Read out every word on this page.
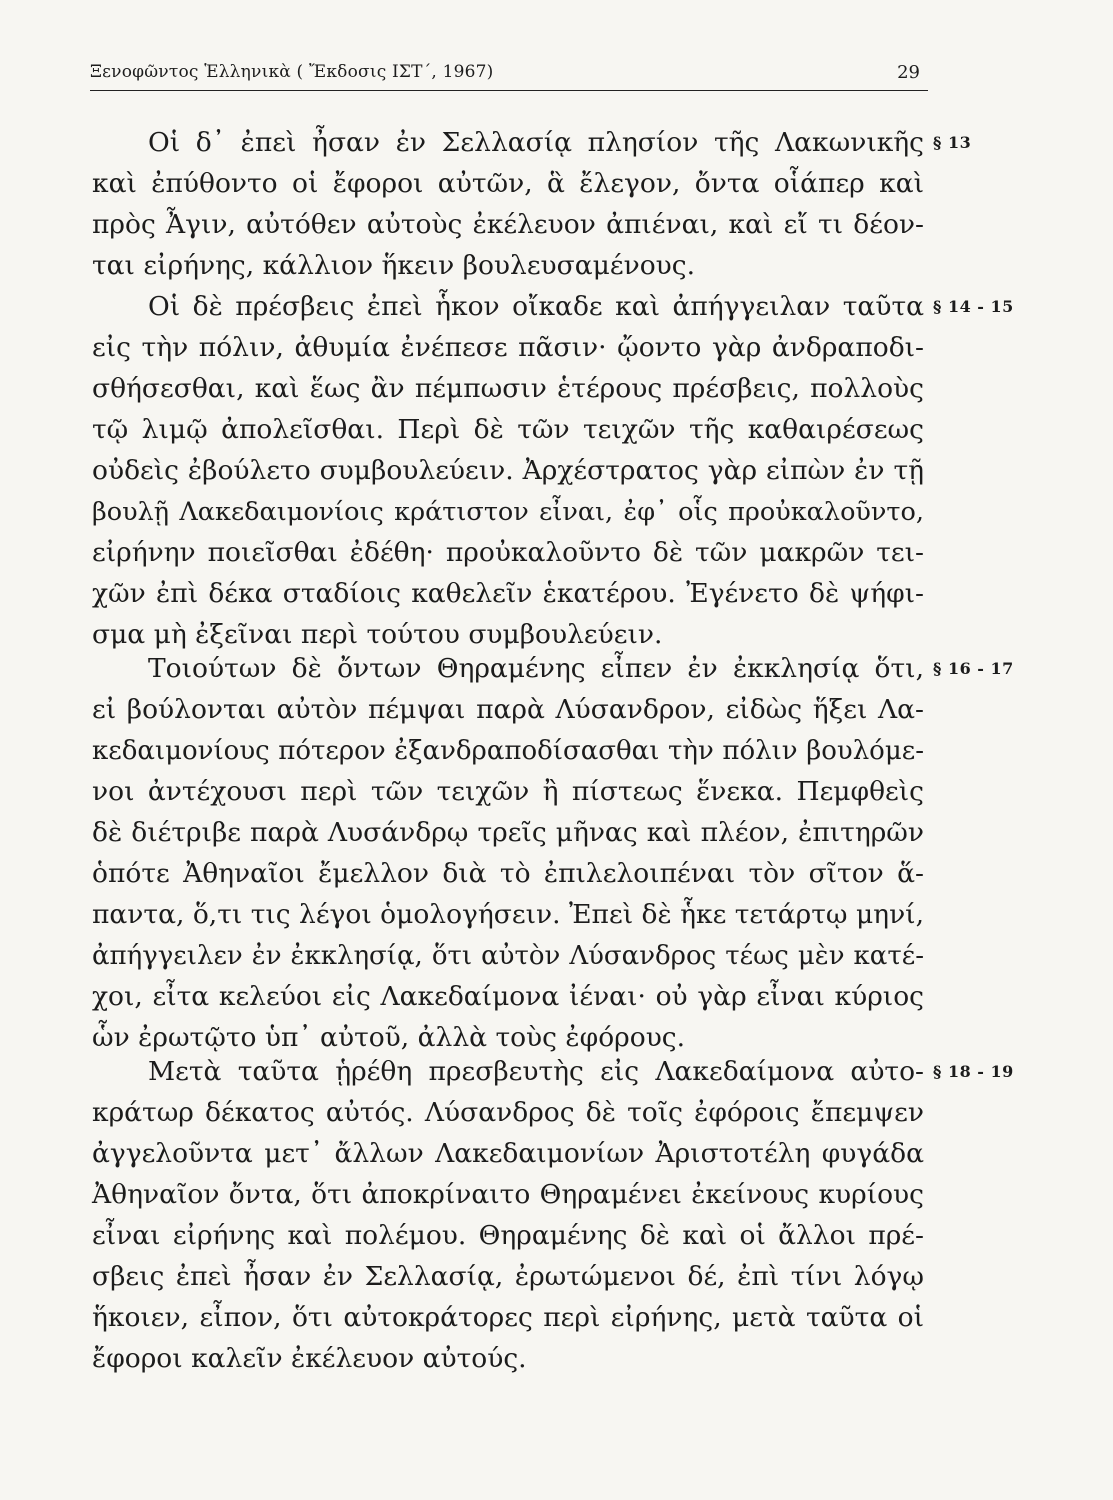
Ξενοφῶντος Ἑλληνικὰ ( Ἔκδοσις ΙΣΤ΄, 1967)	29
§ 13
Οἱ δ᾿ ἐπεὶ ἦσαν ἐν Σελλασίᾳ πλησίον τῆς Λακωνικῆς
καὶ ἐπύθοντο οἱ ἔφοροι αὐτῶν, ἃ ἔλεγον, ὄντα οἷάπερ καὶ
πρὸς Ἆγιν, αὐτόθεν αὐτοὺς ἐκέλευον ἀπιέναι, καὶ εἴ τι δέον-
ται εἰρήνης, κάλλιον ἥκειν βουλευσαμένους.
§ 14 - 15
Οἱ δὲ πρέσβεις ἐπεὶ ἧκον οἴκαδε καὶ ἀπήγγειλαν ταῦτα
εἰς τὴν πόλιν, ἀθυμία ἐνέπεσε πᾶσιν· ᾤοντο γὰρ ἀνδραποδι-
σθήσεσθαι, καὶ ἕως ἂν πέμπωσιν ἑτέρους πρέσβεις, πολλοὺς
τῷ λιμῷ ἀπολεῖσθαι. Περὶ δὲ τῶν τειχῶν τῆς καθαιρέσεως
οὐδεὶς ἐβούλετο συμβουλεύειν. Ἀρχέστρατος γὰρ εἰπὼν ἐν τῇ
βουλῇ Λακεδαιμονίοις κράτιστον εἶναι, ἐφ᾿ οἷς προὐκαλοῦντο,
εἰρήνην ποιεῖσθαι ἐδέθη· προὐκαλοῦντο δὲ τῶν μακρῶν τει-
χῶν ἐπὶ δέκα σταδίοις καθελεῖν ἑκατέρου. Ἐγένετο δὲ ψήφι-
σμα μὴ ἐξεῖναι περὶ τούτου συμβουλεύειν.
§ 16 - 17
Τοιούτων δὲ ὄντων Θηραμένης εἶπεν ἐν ἐκκλησίᾳ ὅτι,
εἰ βούλονται αὐτὸν πέμψαι παρὰ Λύσανδρον, εἰδὼς ἥξει Λα-
κεδαιμονίους πότερον ἐξανδραποδίσασθαι τὴν πόλιν βουλόμε-
νοι ἀντέχουσι περὶ τῶν τειχῶν ἢ πίστεως ἕνεκα. Πεμφθεὶς
δὲ διέτριβε παρὰ Λυσάνδρῳ τρεῖς μῆνας καὶ πλέον, ἐπιτηρῶν
ὁπότε Ἀθηναῖοι ἔμελλον διὰ τὸ ἐπιλελοιπέναι τὸν σῖτον ἅ-
παντα, ὅ,τι τις λέγοι ὁμολογήσειν. Ἐπεὶ δὲ ἧκε τετάρτῳ μηνί,
ἀπήγγειλεν ἐν ἐκκλησίᾳ, ὅτι αὐτὸν Λύσανδρος τέως μὲν κατέ-
χοι, εἶτα κελεύοι εἰς Λακεδαίμονα ἰέναι· οὐ γὰρ εἶναι κύριος
ὧν ἐρωτῷτο ὑπ᾿ αὐτοῦ, ἀλλὰ τοὺς ἐφόρους.
§ 18 - 19
Μετὰ ταῦτα ᾑρέθη πρεσβευτὴς εἰς Λακεδαίμονα αὐτο-
κράτωρ δέκατος αὐτός. Λύσανδρος δὲ τοῖς ἐφόροις ἔπεμψεν
ἀγγελοῦντα μετ᾿ ἄλλων Λακεδαιμονίων Ἀριστοτέλη φυγάδα
Ἀθηναῖον ὄντα, ὅτι ἀποκρίναιτο Θηραμένει ἐκείνους κυρίους
εἶναι εἰρήνης καὶ πολέμου. Θηραμένης δὲ καὶ οἱ ἄλλοι πρέ-
σβεις ἐπεὶ ἦσαν ἐν Σελλασίᾳ, ἐρωτώμενοι δέ, ἐπὶ τίνι λόγῳ
ἥκοιεν, εἶπον, ὅτι αὐτοκράτορες περὶ εἰρήνης, μετὰ ταῦτα οἱ
ἔφοροι καλεῖν ἐκέλευον αὐτούς.
